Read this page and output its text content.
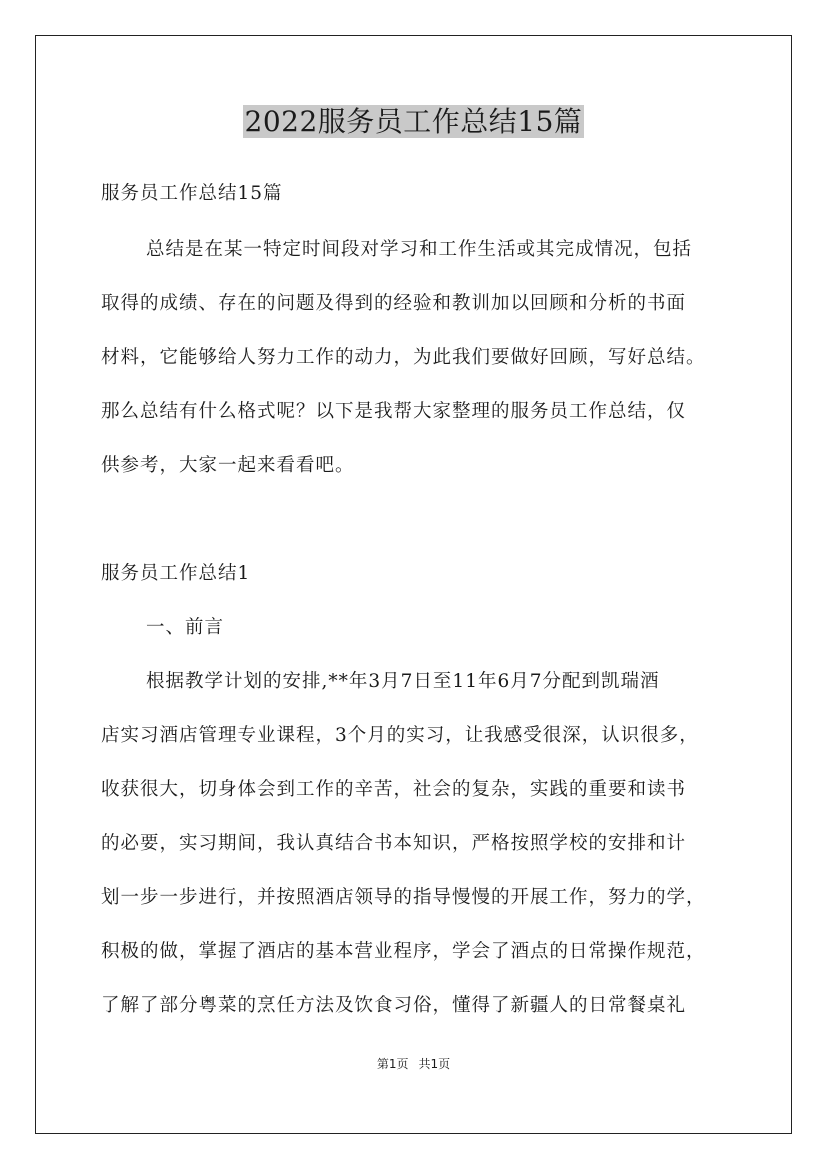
2022服务员工作总结15篇

服务员工作总结15篇

总结是在某一特定时间段对学习和工作生活或其完成情况，包括

取得的成绩、存在的问题及得到的经验和教训加以回顾和分析的书面

材料，它能够给人努力工作的动力，为此我们要做好回顾，写好总结。

那么总结有什么格式呢？以下是我帮大家整理的服务员工作总结，仅

供参考，大家一起来看看吧。

服务员工作总结1

一、前言

根据教学计划的安排,**年3月7日至11年6月7分配到凯瑞酒

店实习酒店管理专业课程，3个月的实习，让我感受很深，认识很多，

收获很大，切身体会到工作的辛苦，社会的复杂，实践的重要和读书

的必要，实习期间，我认真结合书本知识，严格按照学校的安排和计

划一步一步进行，并按照酒店领导的指导慢慢的开展工作，努力的学，

积极的做，掌握了酒店的基本营业程序，学会了酒点的日常操作规范，

了解了部分粤菜的烹任方法及饮食习俗，懂得了新疆人的日常餐桌礼

第1页 共1页
